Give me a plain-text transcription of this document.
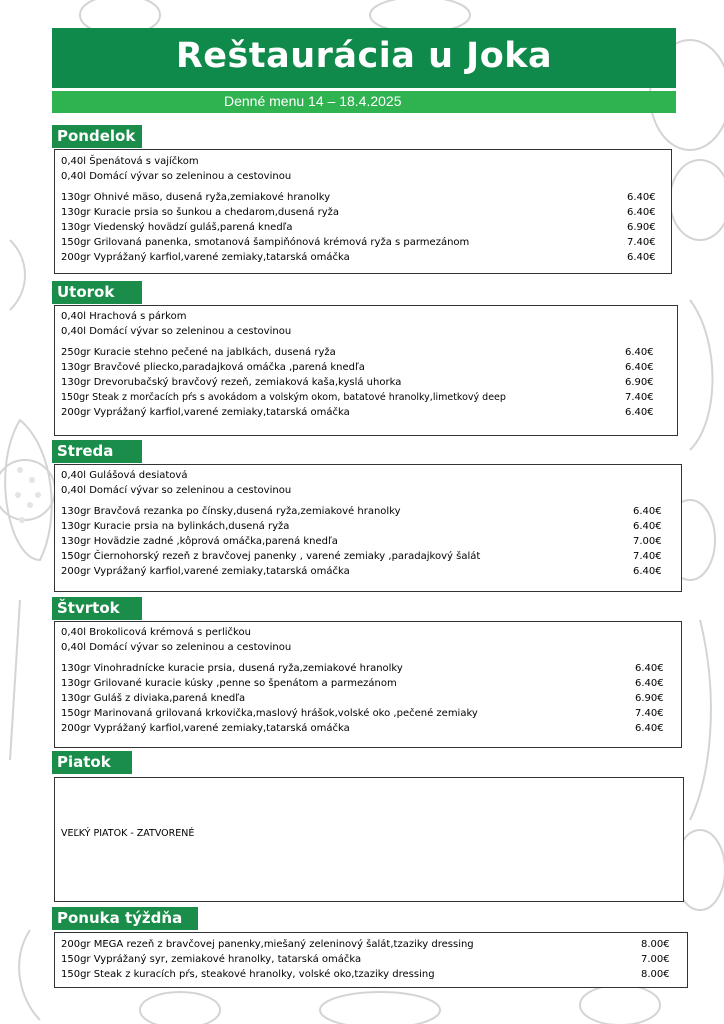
Reštaurácia u Joka
Denné menu 14 – 18.4.2025
Pondelok
0,40l Špenátová s vajíčkom
0,40l Domácí vývar so zeleninou a cestovinou
130gr Ohnivé mäso, dusená ryža,zemiakové hranolky	6.40€
130gr Kuracie prsia so šunkou a chedarom,dusená ryža	6.40€
130gr Viedenský hovädzí guláš,parená knedľa	6.90€
150gr Grilovaná panenka, smotanová šampiňónová krémová ryža s parmezánom	7.40€
200gr Vyprážaný karfiol,varené zemiaky,tatarská omáčka	6.40€
Utorok
0,40l Hrachová s párkom
0,40l Domácí vývar so zeleninou a cestovinou
250gr Kuracie stehno pečené na jablkách, dusená ryža	6.40€
130gr Bravčové pliecko,paradajková omáčka ,parená knedľa	6.40€
130gr Drevorubačský bravčový rezeň, zemiaková kaša,kyslá uhorka	6.90€
150gr Steak z morčacích pŕs s avokádom a volským okom, batatové hranolky,limetkový deep	7.40€
200gr Vyprážaný karfiol,varené zemiaky,tatarská omáčka	6.40€
Streda
0,40l Gulášová desiatová
0,40l Domácí vývar so zeleninou a cestovinou
130gr Bravčová rezanka po čínsky,dusená ryža,zemiakové hranolky	6.40€
130gr Kuracie prsia na bylinkách,dusená ryža	6.40€
130gr Hovädzie zadné ,kôprová omáčka,parená knedľa	7.00€
150gr Čiernohorský rezeň z bravčovej panenky , varené zemiaky ,paradajkový šalát	7.40€
200gr Vyprážaný karfiol,varené zemiaky,tatarská omáčka	6.40€
Štvrtok
0,40l Brokolicová krémová s perličkou
0,40l Domácí vývar so zeleninou a cestovinou
130gr Vinohradnícke kuracie prsia, dusená ryža,zemiakové hranolky	6.40€
130gr Grilované kuracie kúsky ,penne so špenátom a parmezánom	6.40€
130gr Guláš z diviaka,parená knedľa	6.90€
150gr Marinovaná grilovaná krkovička,maslový hrášok,volské oko ,pečené zemiaky	7.40€
200gr Vyprážaný karfiol,varené zemiaky,tatarská omáčka	6.40€
Piatok
VEĽKÝ PIATOK - ZATVORENÉ
Ponuka týždňa
200gr MEGA rezeň z bravčovej panenky,miešaný zeleninový šalát,tzaziky dressing	8.00€
150gr Vyprážaný syr, zemiakové hranolky, tatarská omáčka	7.00€
150gr Steak z kuracích pŕs, steakové hranolky, volské oko,tzaziky dressing	8.00€
